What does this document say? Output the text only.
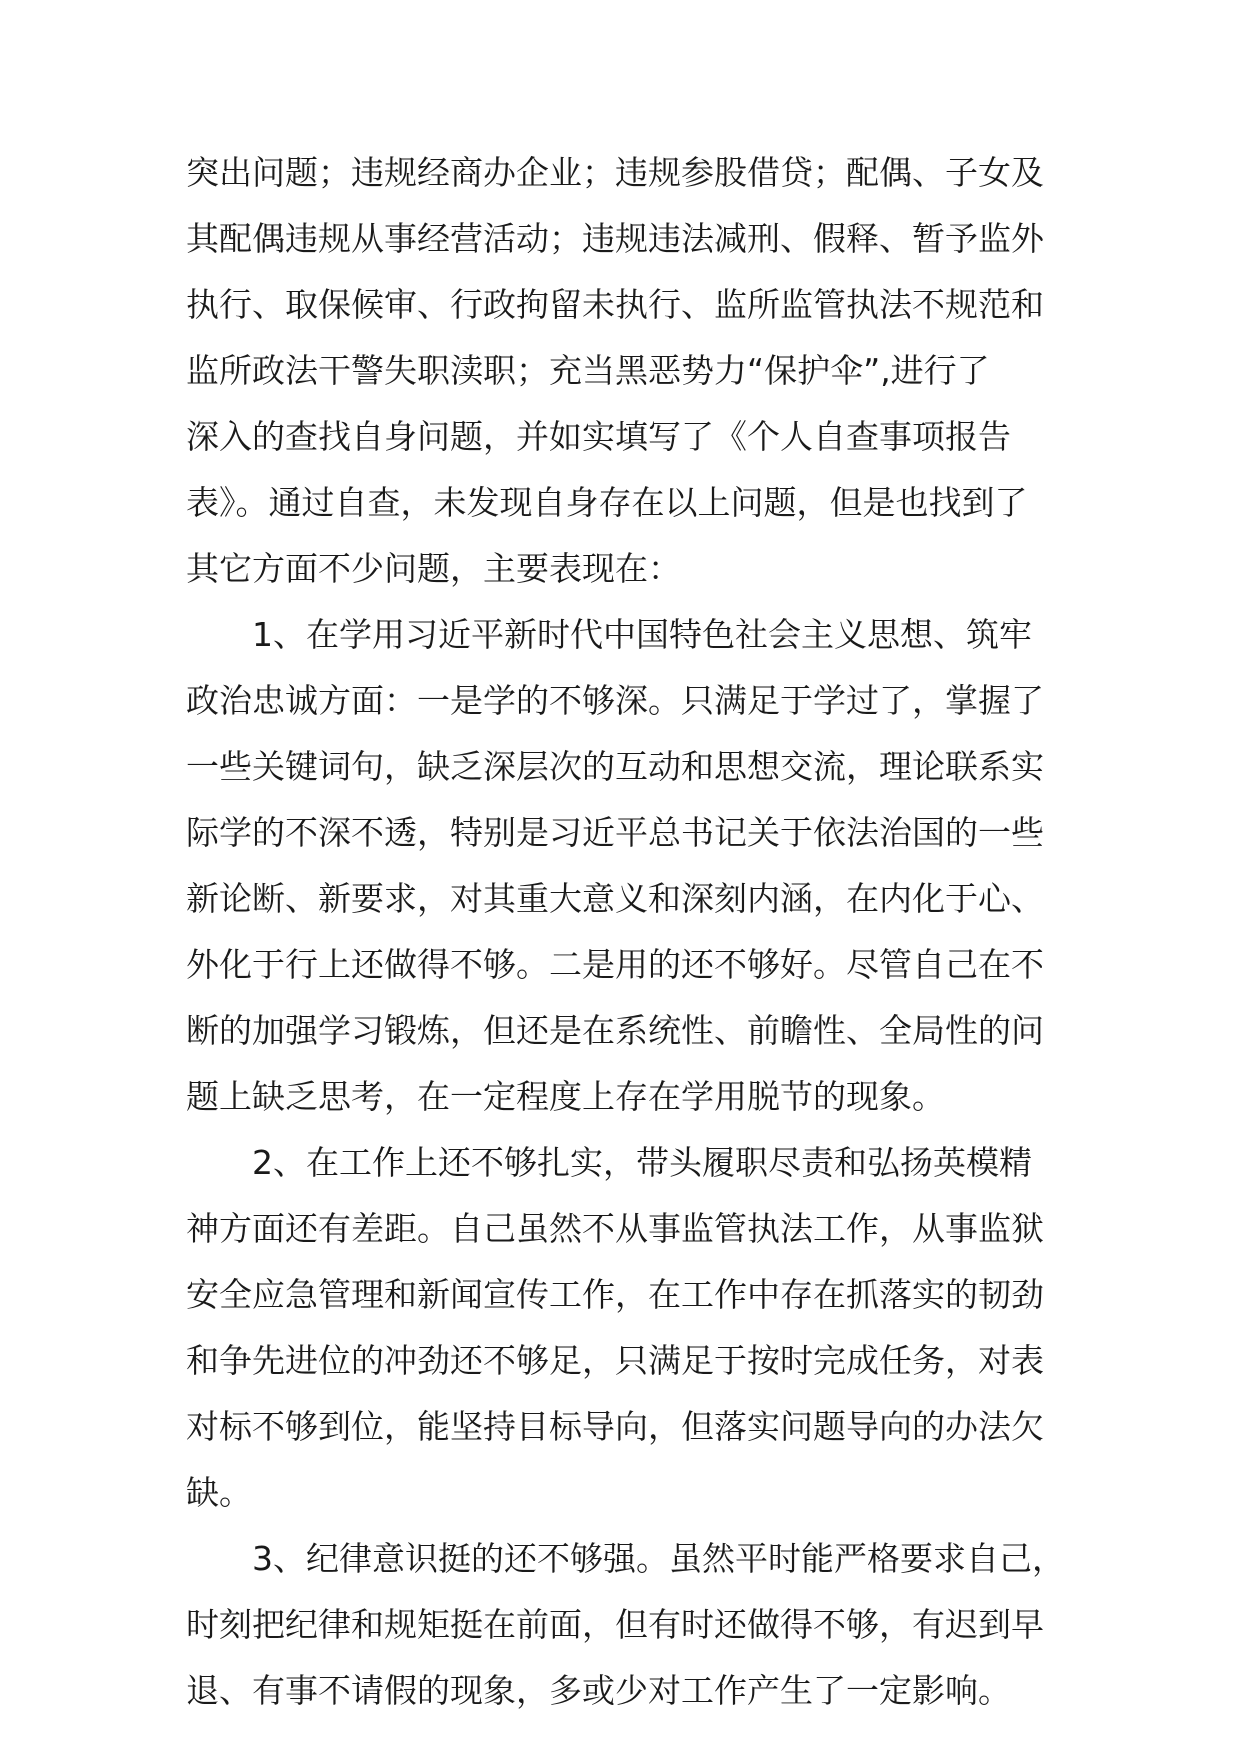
突出问题；违规经商办企业；违规参股借贷；配偶、子女及
其配偶违规从事经营活动；违规违法减刑、假释、暂予监外
执行、取保候审、行政拘留未执行、监所监管执法不规范和
监所政法干警失职渎职；充当黑恶势力“保护伞”,进行了
深入的查找自身问题，并如实填写了《个人自查事项报告
表》。通过自查，未发现自身存在以上问题，但是也找到了
其它方面不少问题，主要表现在：
1、在学用习近平新时代中国特色社会主义思想、筑牢
政治忠诚方面：一是学的不够深。只满足于学过了，掌握了
一些关键词句，缺乏深层次的互动和思想交流，理论联系实
际学的不深不透，特别是习近平总书记关于依法治国的一些
新论断、新要求，对其重大意义和深刻内涵，在内化于心、
外化于行上还做得不够。二是用的还不够好。尽管自己在不
断的加强学习锻炼，但还是在系统性、前瞻性、全局性的问
题上缺乏思考，在一定程度上存在学用脱节的现象。
2、在工作上还不够扎实，带头履职尽责和弘扬英模精
神方面还有差距。自己虽然不从事监管执法工作，从事监狱
安全应急管理和新闻宣传工作，在工作中存在抓落实的韧劲
和争先进位的冲劲还不够足，只满足于按时完成任务，对表
对标不够到位，能坚持目标导向，但落实问题导向的办法欠
缺。
3、纪律意识挺的还不够强。虽然平时能严格要求自己，
时刻把纪律和规矩挺在前面，但有时还做得不够，有迟到早
退、有事不请假的现象，多或少对工作产生了一定影响。
